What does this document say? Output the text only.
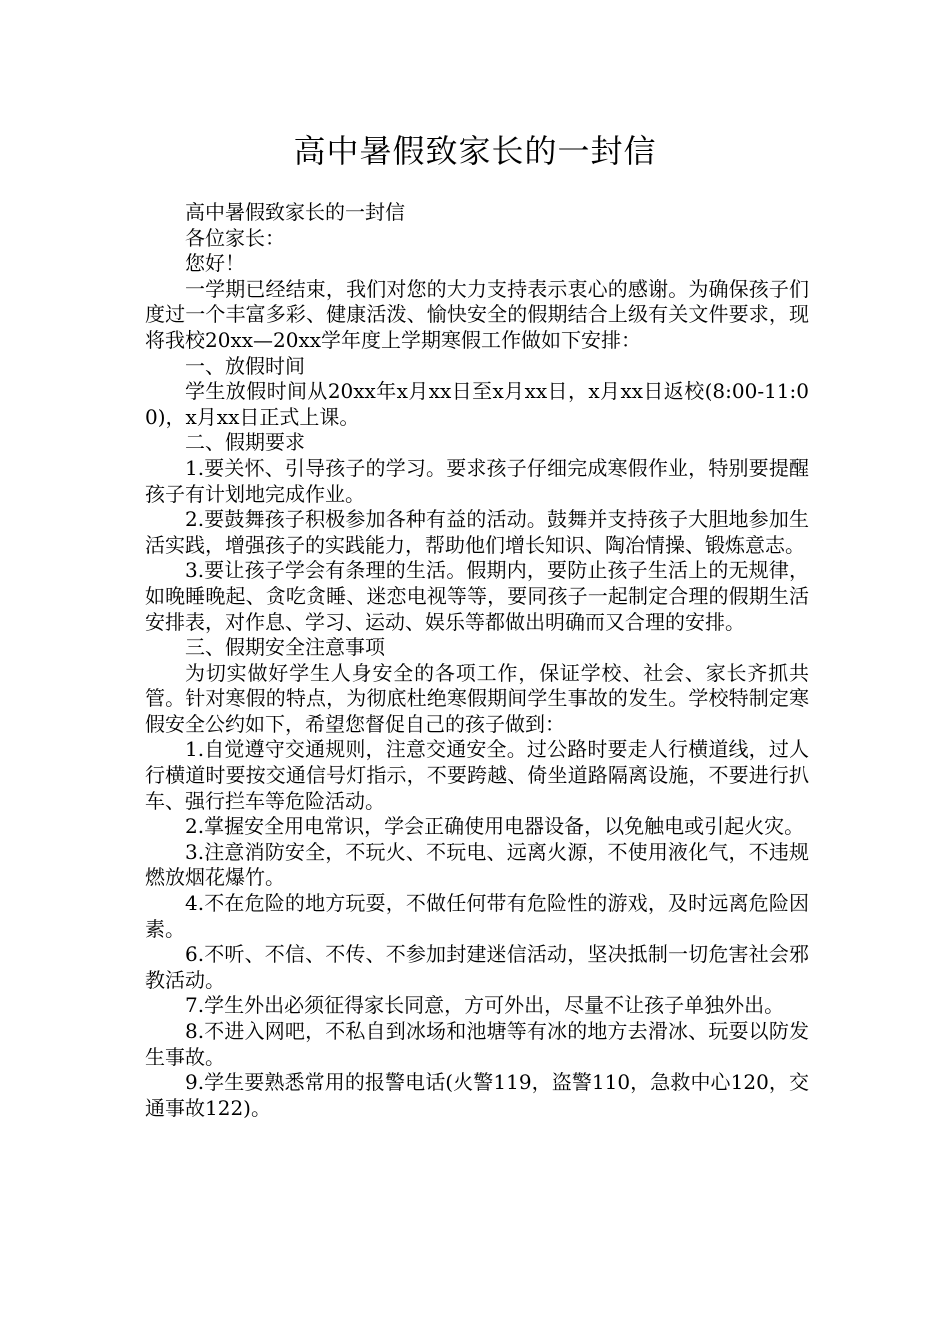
高中暑假致家长的一封信

高中暑假致家长的一封信

各位家长：

您好！

一学期已经结束，我们对您的大力支持表示衷心的感谢。为确保孩子们度过一个丰富多彩、健康活泼、愉快安全的假期结合上级有关文件要求，现将我校20xx—20xx学年度上学期寒假工作做如下安排：

一、放假时间

学生放假时间从20xx年x月xx日至x月xx日，x月xx日返校(8:00-11:00)，x月xx日正式上课。

二、假期要求

1.要关怀、引导孩子的学习。要求孩子仔细完成寒假作业，特别要提醒孩子有计划地完成作业。

2.要鼓舞孩子积极参加各种有益的活动。鼓舞并支持孩子大胆地参加生活实践，增强孩子的实践能力，帮助他们增长知识、陶冶情操、锻炼意志。

3.要让孩子学会有条理的生活。假期内，要防止孩子生活上的无规律，如晚睡晚起、贪吃贪睡、迷恋电视等等，要同孩子一起制定合理的假期生活安排表，对作息、学习、运动、娱乐等都做出明确而又合理的安排。

三、假期安全注意事项

为切实做好学生人身安全的各项工作，保证学校、社会、家长齐抓共管。针对寒假的特点，为彻底杜绝寒假期间学生事故的发生。学校特制定寒假安全公约如下，希望您督促自己的孩子做到：

1.自觉遵守交通规则，注意交通安全。过公路时要走人行横道线，过人行横道时要按交通信号灯指示，不要跨越、倚坐道路隔离设施，不要进行扒车、强行拦车等危险活动。

2.掌握安全用电常识，学会正确使用电器设备，以免触电或引起火灾。

3.注意消防安全，不玩火、不玩电、远离火源，不使用液化气，不违规燃放烟花爆竹。

4.不在危险的地方玩耍，不做任何带有危险性的游戏，及时远离危险因素。

6.不听、不信、不传、不参加封建迷信活动，坚决抵制一切危害社会邪教活动。

7.学生外出必须征得家长同意，方可外出，尽量不让孩子单独外出。

8.不进入网吧，不私自到冰场和池塘等有冰的地方去滑冰、玩耍以防发生事故。

9.学生要熟悉常用的报警电话(火警119，盗警110，急救中心120，交通事故122)。
